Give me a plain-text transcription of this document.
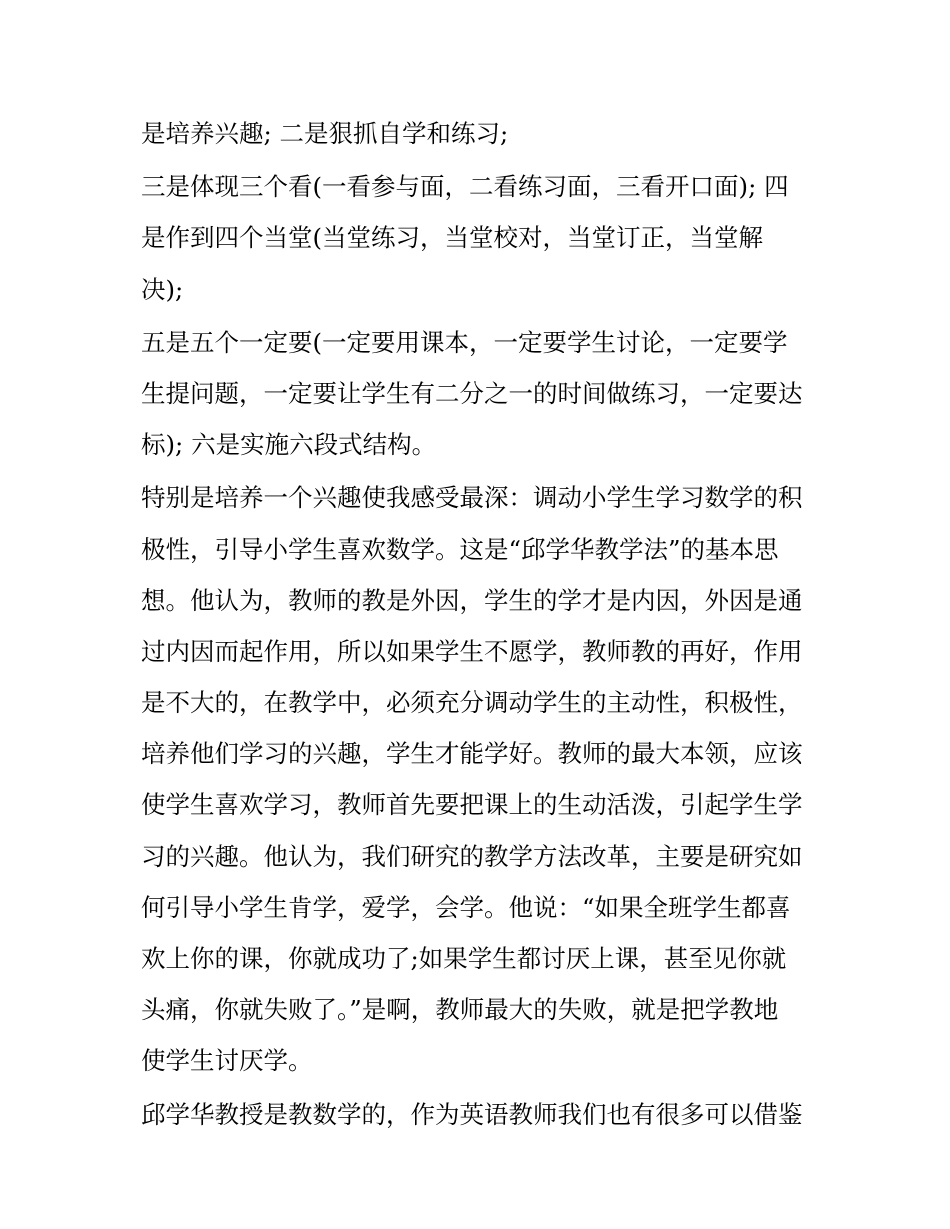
是培养兴趣; 二是狠抓自学和练习;

三是体现三个看(一看参与面，二看练习面，三看开口面); 四
是作到四个当堂(当堂练习，当堂校对，当堂订正，当堂解
决);

五是五个一定要(一定要用课本，一定要学生讨论，一定要学
生提问题，一定要让学生有二分之一的时间做练习，一定要达
标); 六是实施六段式结构。

特别是培养一个兴趣使我感受最深：调动小学生学习数学的积
极性，引导小学生喜欢数学。这是“邱学华教学法”的基本思
想。他认为，教师的教是外因，学生的学才是内因，外因是通
过内因而起作用，所以如果学生不愿学，教师教的再好，作用
是不大的，在教学中，必须充分调动学生的主动性，积极性，
培养他们学习的兴趣，学生才能学好。教师的最大本领，应该
使学生喜欢学习，教师首先要把课上的生动活泼，引起学生学
习的兴趣。他认为，我们研究的教学方法改革，主要是研究如
何引导小学生肯学，爱学，会学。他说：“如果全班学生都喜
欢上你的课，你就成功了;如果学生都讨厌上课，甚至见你就
头痛，你就失败了。”是啊，教师最大的失败，就是把学教地
使学生讨厌学。

邱学华教授是教数学的，作为英语教师我们也有很多可以借鉴
